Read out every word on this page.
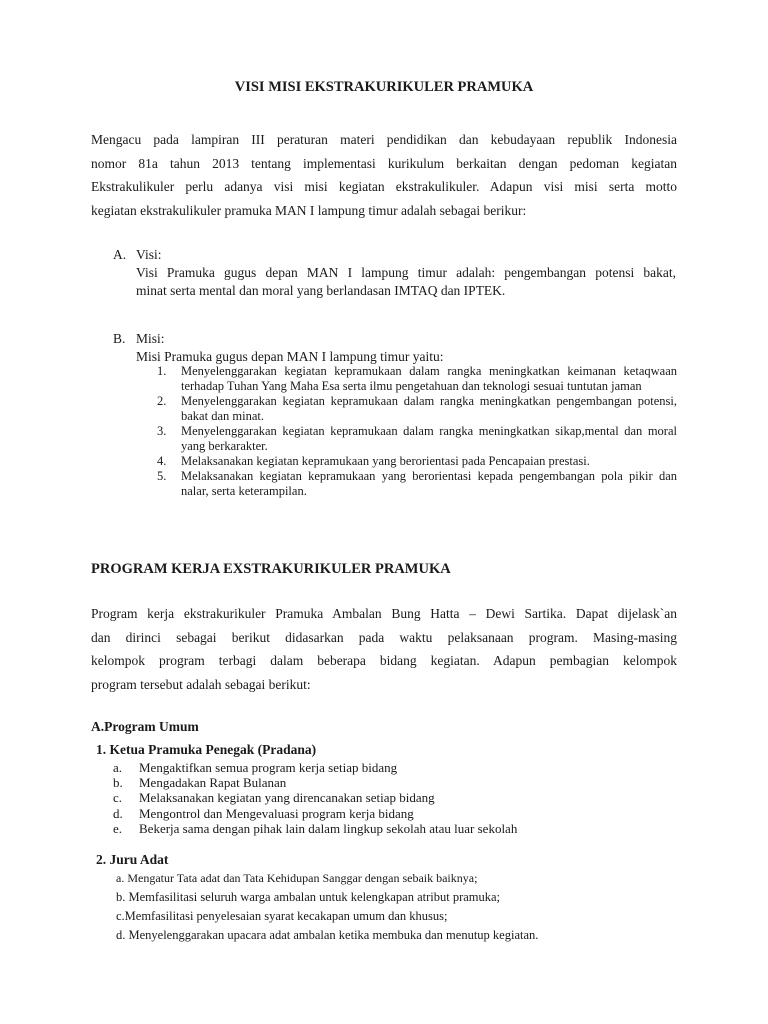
VISI MISI EKSTRAKURIKULER PRAMUKA
Mengacu pada lampiran III peraturan materi pendidikan dan kebudayaan republik Indonesia
nomor 81a tahun 2013 tentang implementasi kurikulum berkaitan dengan pedoman kegiatan
Ekstrakulikuler perlu adanya visi misi kegiatan ekstrakulikuler. Adapun visi misi serta motto
kegiatan ekstrakulikuler pramuka MAN I lampung timur adalah sebagai berikur:
A. Visi:
Visi Pramuka gugus depan MAN I lampung timur adalah: pengembangan potensi bakat,
minat serta mental dan moral yang berlandasan IMTAQ dan IPTEK.
B. Misi:
Misi Pramuka gugus depan MAN I lampung timur yaitu:
1. Menyelenggarakan kegiatan kepramukaan dalam rangka meningkatkan keimanan ketaqwaan terhadap Tuhan Yang Maha Esa serta ilmu pengetahuan dan teknologi sesuai tuntutan jaman
2. Menyelenggarakan kegiatan kepramukaan dalam rangka meningkatkan pengembangan potensi, bakat dan minat.
3. Menyelenggarakan kegiatan kepramukaan dalam rangka meningkatkan sikap,mental dan moral yang berkarakter.
4. Melaksanakan kegiatan kepramukaan yang berorientasi pada Pencapaian prestasi.
5. Melaksanakan kegiatan kepramukaan yang berorientasi kepada pengembangan pola pikir dan nalar, serta keterampilan.
PROGRAM KERJA EXSTRAKURIKULER PRAMUKA
Program kerja ekstrakurikuler Pramuka Ambalan Bung Hatta – Dewi Sartika. Dapat dijelask`an
dan dirinci sebagai berikut didasarkan pada waktu pelaksanaan program. Masing-masing
kelompok program terbagi dalam beberapa bidang kegiatan. Adapun pembagian kelompok
program tersebut adalah sebagai berikut:
A.Program Umum
1. Ketua Pramuka Penegak (Pradana)
a. Mengaktifkan semua program kerja setiap bidang
b. Mengadakan Rapat Bulanan
c. Melaksanakan kegiatan yang direncanakan setiap bidang
d. Mengontrol dan Mengevaluasi program kerja bidang
e. Bekerja sama dengan pihak lain dalam lingkup sekolah atau luar sekolah
2. Juru Adat
a. Mengatur Tata adat dan Tata Kehidupan Sanggar dengan sebaik baiknya;
b. Memfasilitasi seluruh warga ambalan untuk kelengkapan atribut pramuka;
c.Memfasilitasi penyelesaian syarat kecakapan umum dan khusus;
d. Menyelenggarakan upacara adat ambalan ketika membuka dan menutup kegiatan.
